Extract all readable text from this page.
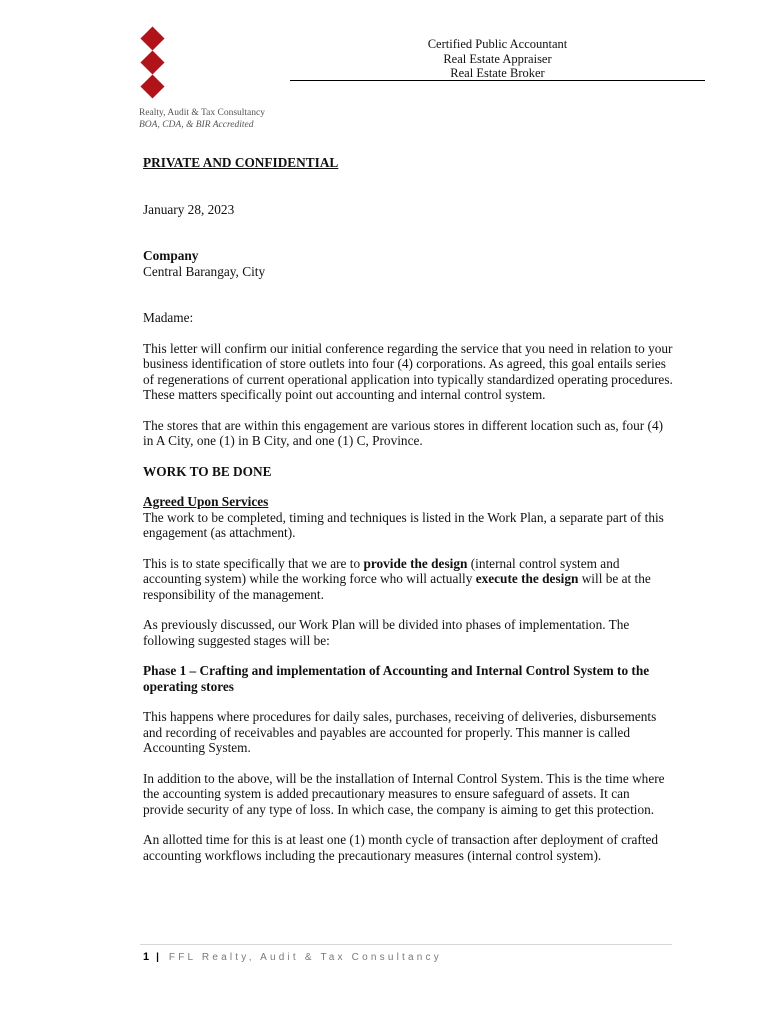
Realty, Audit & Tax Consultancy
BOA, CDA, & BIR Accredited
Certified Public Accountant
Real Estate Appraiser
Real Estate Broker

PRIVATE AND CONFIDENTIAL

January 28, 2023

Company

Central Barangay, City

Madame:

This letter will confirm our initial conference regarding the service that you need in relation to your business identification of store outlets into four (4) corporations. As agreed, this goal entails series of regenerations of current operational application into typically standardized operating procedures. These matters specifically point out accounting and internal control system.

The stores that are within this engagement are various stores in different location such as, four (4) in A City, one (1) in B City, and one (1) C, Province.

WORK TO BE DONE

Agreed Upon Services

The work to be completed, timing and techniques is listed in the Work Plan, a separate part of this engagement (as attachment).

This is to state specifically that we are to provide the design (internal control system and accounting system) while the working force who will actually execute the design will be at the responsibility of the management.

As previously discussed, our Work Plan will be divided into phases of implementation. The following suggested stages will be:

Phase 1 – Crafting and implementation of Accounting and Internal Control System to the operating stores

This happens where procedures for daily sales, purchases, receiving of deliveries, disbursements and recording of receivables and payables are accounted for properly. This manner is called Accounting System.

In addition to the above, will be the installation of Internal Control System. This is the time where the accounting system is added precautionary measures to ensure safeguard of assets. It can provide security of any type of loss. In which case, the company is aiming to get this protection.

An allotted time for this is at least one (1) month cycle of transaction after deployment of crafted accounting workflows including the precautionary measures (internal control system).

1 | FFL Realty, Audit & Tax Consultancy
